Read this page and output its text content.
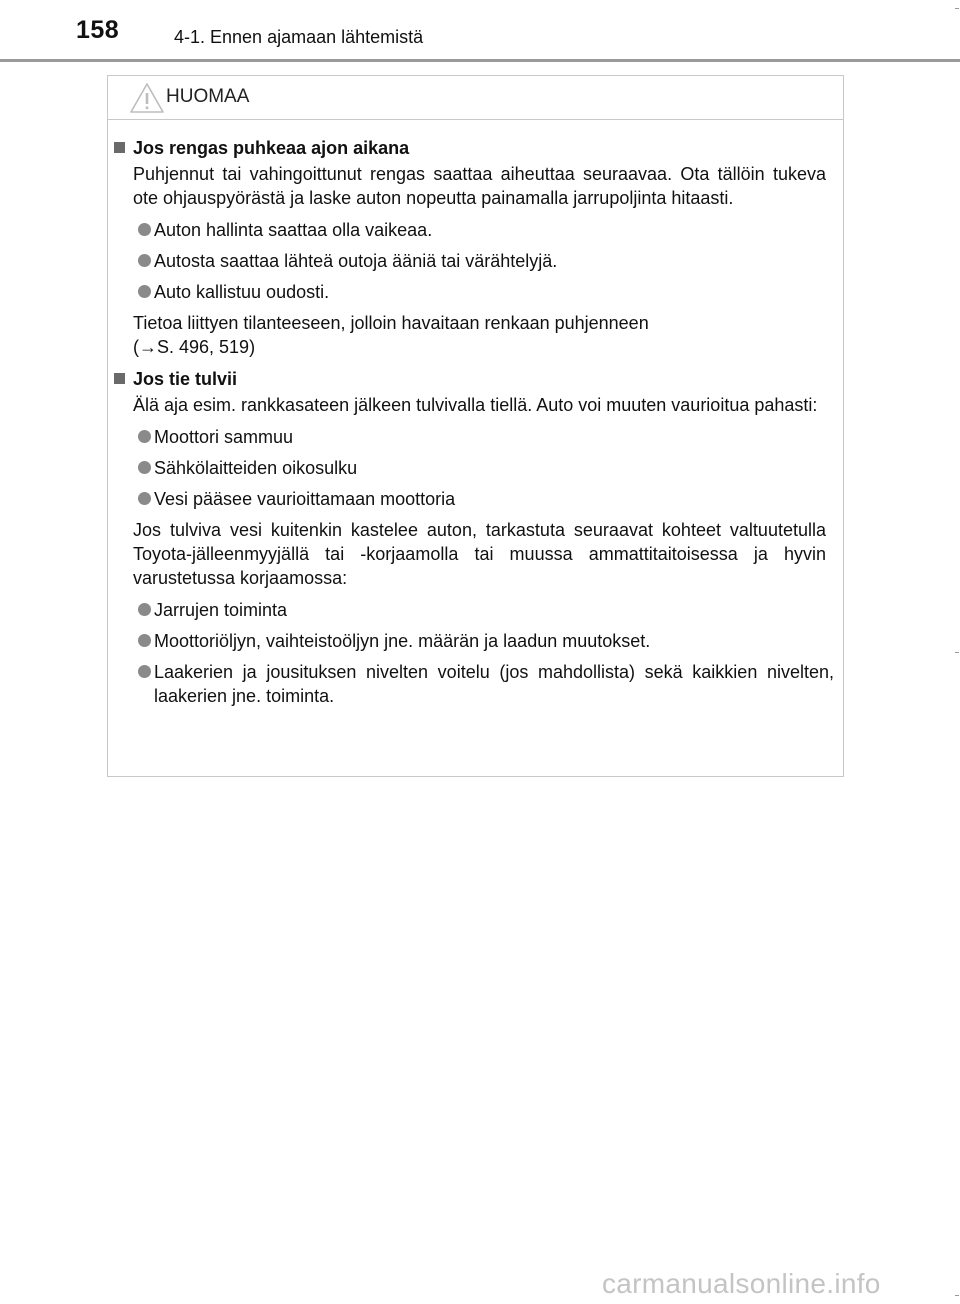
158	4-1. Ennen ajamaan lähtemistä
HUOMAA
Jos rengas puhkeaa ajon aikana
Puhjennut tai vahingoittunut rengas saattaa aiheuttaa seuraavaa. Ota tällöin tukeva ote ohjauspyörästä ja laske auton nopeutta painamalla jarrupoljinta hitaasti.
Auton hallinta saattaa olla vaikeaa.
Autosta saattaa lähteä outoja ääniä tai värähtelyjä.
Auto kallistuu oudosti.
Tietoa liittyen tilanteeseen, jolloin havaitaan renkaan puhjenneen
(→S. 496, 519)
Jos tie tulvii
Älä aja esim. rankkasateen jälkeen tulvivalla tiellä. Auto voi muuten vaurioitua pahasti:
Moottori sammuu
Sähkölaitteiden oikosulku
Vesi pääsee vaurioittamaan moottoria
Jos tulviva vesi kuitenkin kastelee auton, tarkastuta seuraavat kohteet valtuutetulla Toyota-jälleenmyyjällä tai -korjaamolla tai muussa ammattitaitoisessa ja hyvin varustetussa korjaamossa:
Jarrujen toiminta
Moottoriöljyn, vaihteistoöljyn jne. määrän ja laadun muutokset.
Laakerien ja jousituksen nivelten voitelu (jos mahdollista) sekä kaikkien nivelten, laakerien jne. toiminta.
carmanualsonline.info
